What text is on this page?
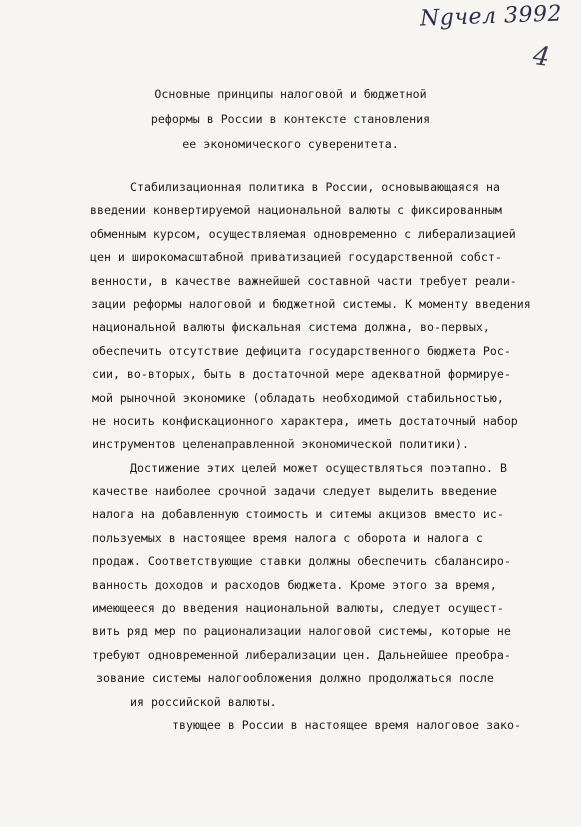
Ngчел 3992
4
Основные принципы налоговой и бюджетной
реформы в России в контексте становления
ее экономического суверенитета.
Стабилизационная политика в России, основывающаяся на
введении конвертируемой национальной валюты с фиксированным
обменным курсом, осуществляемая одновременно с либерализацией
цен и широкомасштабной приватизацией государственной собст-
венности, в качестве важнейшей составной части требует реали-
зации реформы налоговой и бюджетной системы. К моменту введения
национальной валюты фискальная система должна, во-первых,
обеспечить отсутствие дефицита государственного бюджета Рос-
сии, во-вторых, быть в достаточной мере адекватной формируе-
мой рыночной экономике (обладать необходимой стабильностью,
не носить конфискационного характера, иметь достаточный набор
инструментов целенаправленной экономической политики).
Достижение этих целей может осуществляться поэтапно. В
качестве наиболее срочной задачи следует выделить введение
налога на добавленную стоимость и ситемы акцизов вместо ис-
пользуемых в настоящее время налога с оборота и налога с
продаж. Соответствующие ставки должны обеспечить сбалансиро-
ванность доходов и расходов бюджета. Кроме этого за время,
имеющееся до введения национальной валюты, следует осущест-
вить ряд мер по рационализации налоговой системы, которые не
требуют одновременной либерализации цен. Дальнейшее преобра-
зование системы налогообложения должно продолжаться после
ия российской валюты.
твующее в России в настоящее время налоговое зако-
